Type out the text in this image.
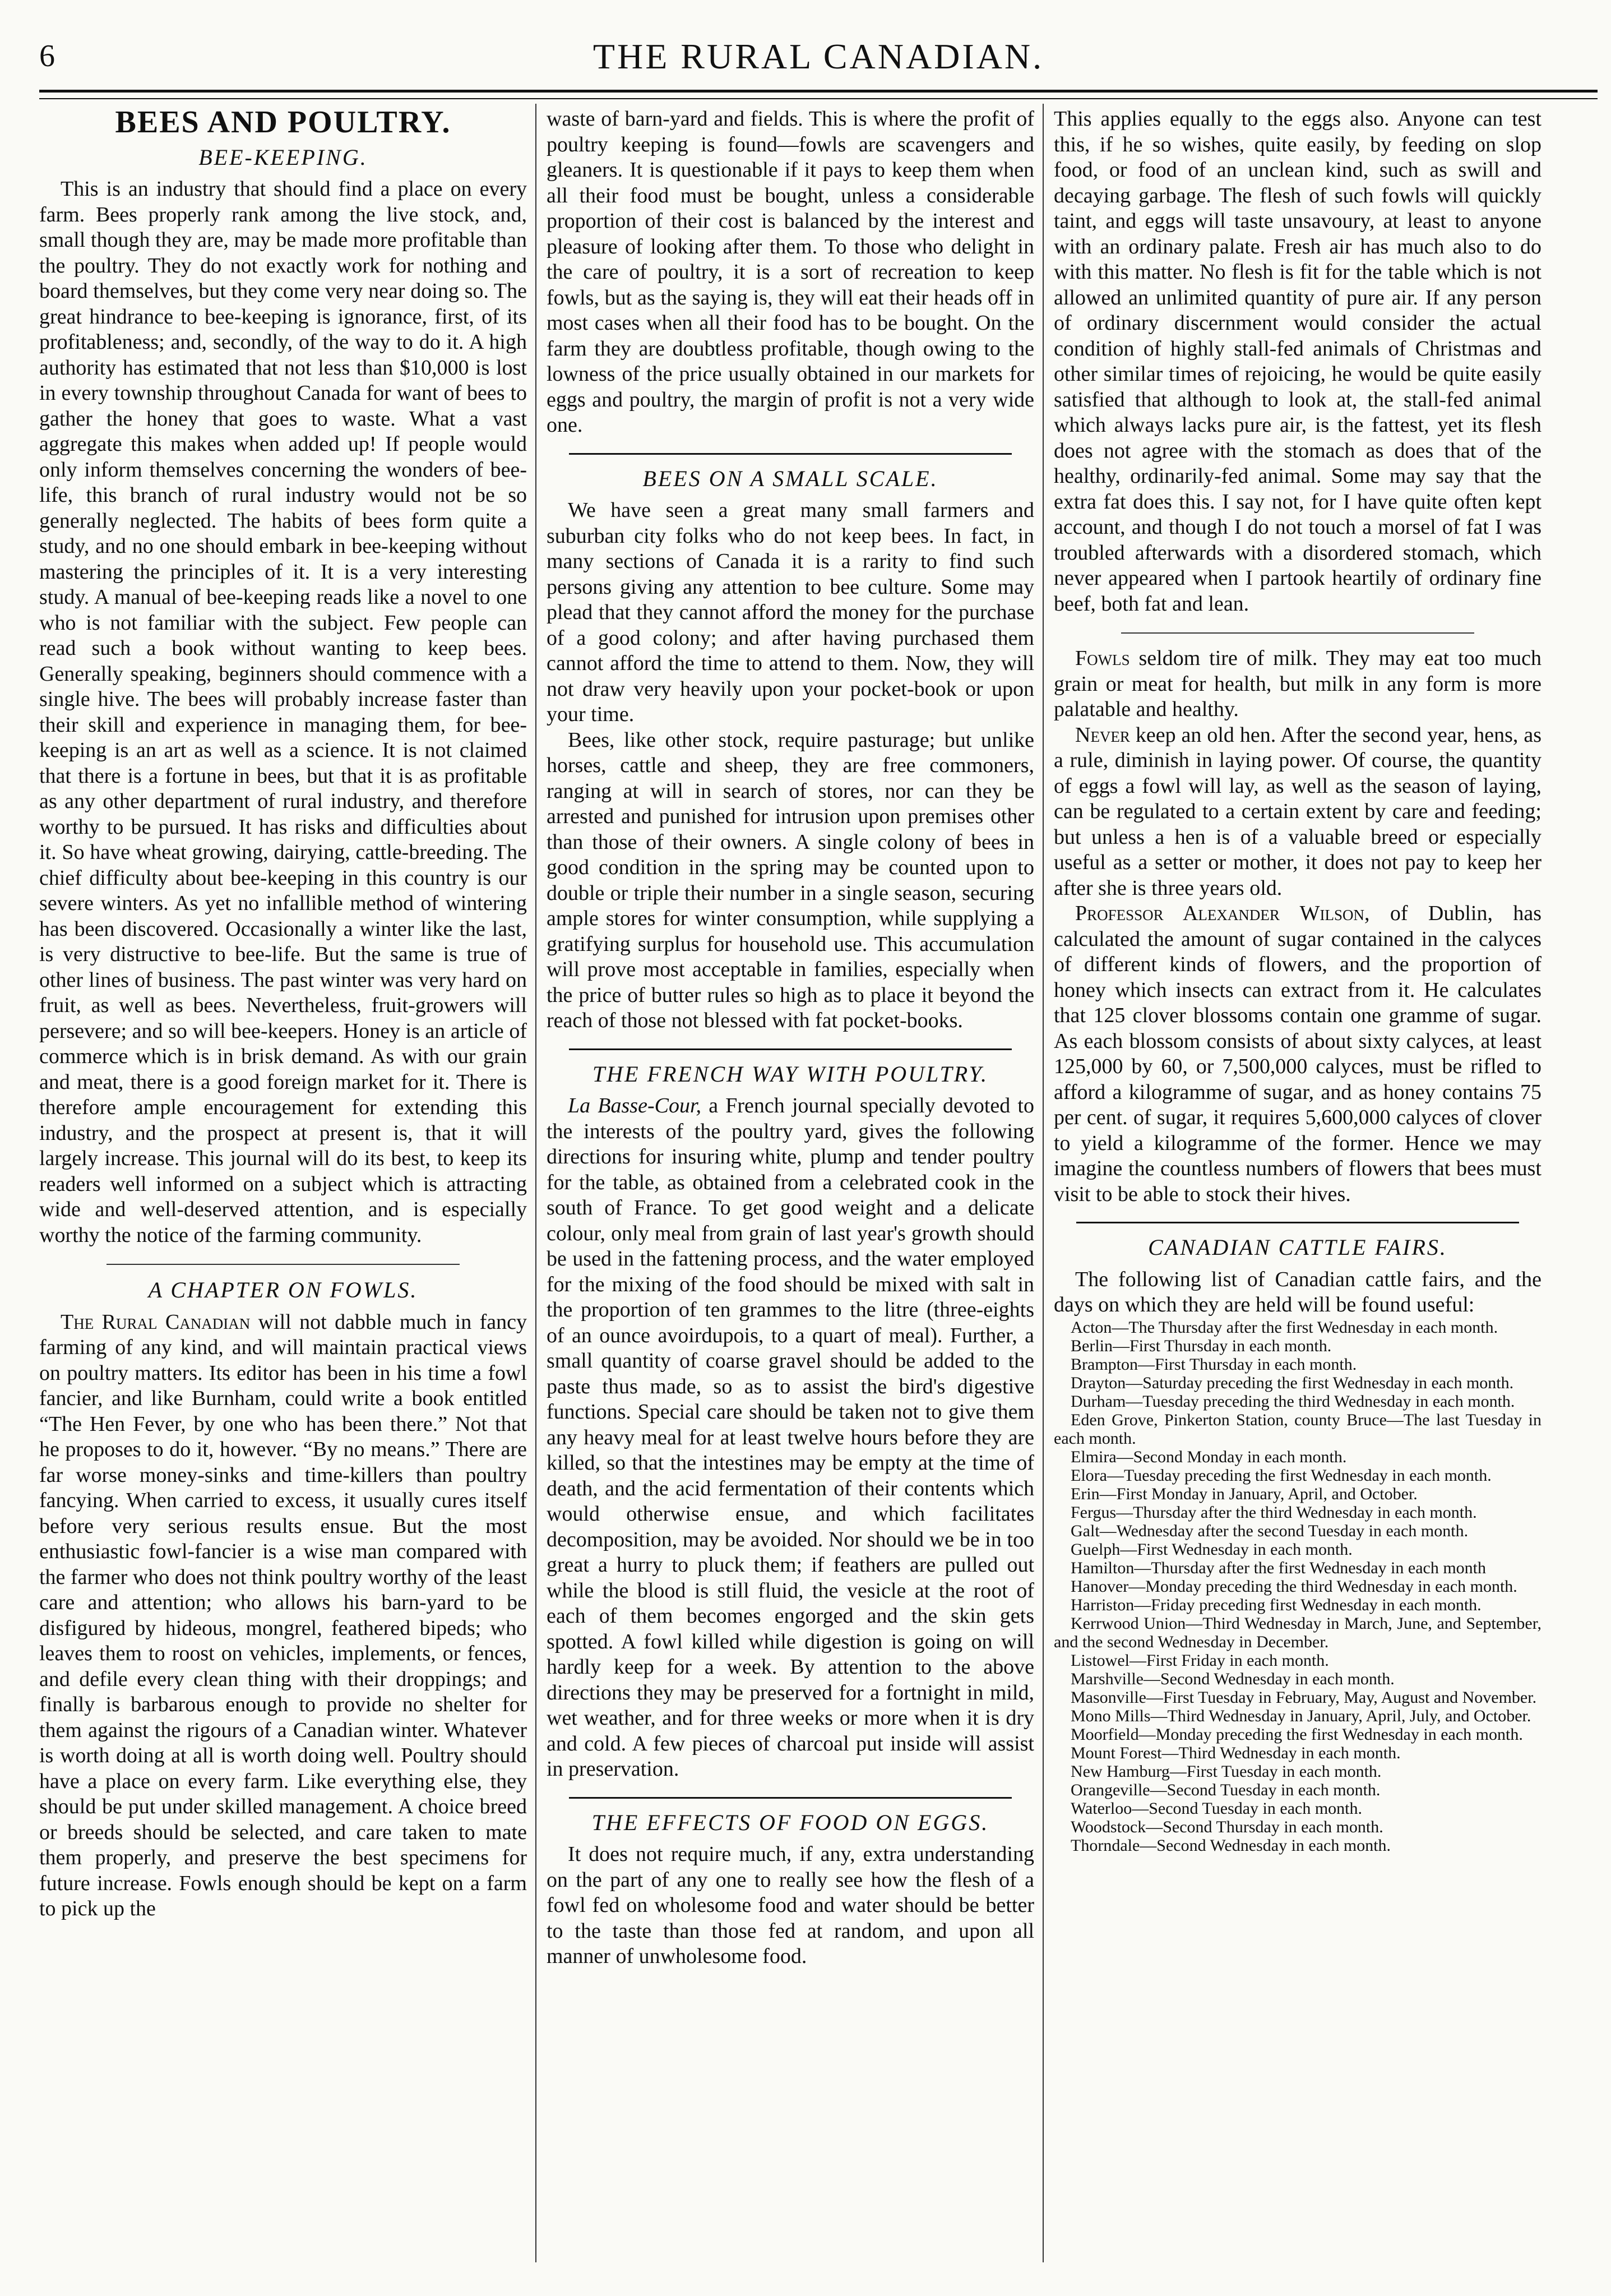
6	THE RURAL CANADIAN.
BEES AND POULTRY.
BEE-KEEPING.

This is an industry that should find a place on every farm. Bees properly rank among the live stock, and, small though they are, may be made more profitable than the poultry. They do not exactly work for nothing and board themselves, but they come very near doing so. The great hindrance to bee-keeping is ignorance, first, of its profitableness; and, secondly, of the way to do it. A high authority has estimated that not less than $10,000 is lost in every township throughout Canada for want of bees to gather the honey that goes to waste. What a vast aggregate this makes when added up! If people would only inform themselves concerning the wonders of bee-life, this branch of rural industry would not be so generally neglected. The habits of bees form quite a study, and no one should embark in bee-keeping without mastering the principles of it. It is a very interesting study. A manual of bee-keeping reads like a novel to one who is not familiar with the subject. Few people can read such a book without wanting to keep bees. Generally speaking, beginners should commence with a single hive. The bees will probably increase faster than their skill and experience in managing them, for bee-keeping is an art as well as a science. It is not claimed that there is a fortune in bees, but that it is as profitable as any other department of rural industry, and therefore worthy to be pursued. It has risks and difficulties about it. So have wheat growing, dairying, cattle-breeding. The chief difficulty about bee-keeping in this country is our severe winters. As yet no infallible method of wintering has been discovered. Occasionally a winter like the last, is very distructive to bee-life. But the same is true of other lines of business. The past winter was very hard on fruit, as well as bees. Nevertheless, fruit-growers will persevere; and so will bee-keepers. Honey is an article of commerce which is in brisk demand. As with our grain and meat, there is a good foreign market for it. There is therefore ample encouragement for extending this industry, and the prospect at present is, that it will largely increase. This journal will do its best, to keep its readers well informed on a subject which is attracting wide and well-deserved attention, and is especially worthy the notice of the farming community.

A CHAPTER ON FOWLS.

The Rural Canadian will not dabble much in fancy farming of any kind, and will maintain practical views on poultry matters. Its editor has been in his time a fowl fancier, and like Burnham, could write a book entitled “The Hen Fever, by one who has been there.” Not that he proposes to do it, however. “By no means.” There are far worse money-sinks and time-killers than poultry fancying. When carried to excess, it usually cures itself before very serious results ensue. But the most enthusiastic fowl-fancier is a wise man compared with the farmer who does not think poultry worthy of the least care and attention; who allows his barn-yard to be disfigured by hideous, mongrel, feathered bipeds; who leaves them to roost on vehicles, implements, or fences, and defile every clean thing with their droppings; and finally is barbarous enough to provide no shelter for them against the rigours of a Canadian winter. Whatever is worth doing at all is worth doing well. Poultry should have a place on every farm. Like everything else, they should be put under skilled management. A choice breed or breeds should be selected, and care taken to mate them properly, and preserve the best specimens for future increase. Fowls enough should be kept on a farm to pick up the

waste of barn-yard and fields. This is where the profit of poultry keeping is found—fowls are scavengers and gleaners. It is questionable if it pays to keep them when all their food must be bought, unless a considerable proportion of their cost is balanced by the interest and pleasure of looking after them. To those who delight in the care of poultry, it is a sort of recreation to keep fowls, but as the saying is, they will eat their heads off in most cases when all their food has to be bought. On the farm they are doubtless profitable, though owing to the lowness of the price usually obtained in our markets for eggs and poultry, the margin of profit is not a very wide one.

BEES ON A SMALL SCALE.

We have seen a great many small farmers and suburban city folks who do not keep bees. In fact, in many sections of Canada it is a rarity to find such persons giving any attention to bee culture. Some may plead that they cannot afford the money for the purchase of a good colony; and after having purchased them cannot afford the time to attend to them. Now, they will not draw very heavily upon your pocket-book or upon your time.

Bees, like other stock, require pasturage; but unlike horses, cattle and sheep, they are free commoners, ranging at will in search of stores, nor can they be arrested and punished for intrusion upon premises other than those of their owners. A single colony of bees in good condition in the spring may be counted upon to double or triple their number in a single season, securing ample stores for winter consumption, while supplying a gratifying surplus for household use. This accumulation will prove most acceptable in families, especially when the price of butter rules so high as to place it beyond the reach of those not blessed with fat pocket-books.

THE FRENCH WAY WITH POULTRY.

La Basse-Cour, a French journal specially devoted to the interests of the poultry yard, gives the following directions for insuring white, plump and tender poultry for the table, as obtained from a celebrated cook in the south of France. To get good weight and a delicate colour, only meal from grain of last year's growth should be used in the fattening process, and the water employed for the mixing of the food should be mixed with salt in the proportion of ten grammes to the litre (three-eights of an ounce avoirdupois, to a quart of meal). Further, a small quantity of coarse gravel should be added to the paste thus made, so as to assist the bird's digestive functions. Special care should be taken not to give them any heavy meal for at least twelve hours before they are killed, so that the intestines may be empty at the time of death, and the acid fermentation of their contents which would otherwise ensue, and which facilitates decomposition, may be avoided. Nor should we be in too great a hurry to pluck them; if feathers are pulled out while the blood is still fluid, the vesicle at the root of each of them becomes engorged and the skin gets spotted. A fowl killed while digestion is going on will hardly keep for a week. By attention to the above directions they may be preserved for a fortnight in mild, wet weather, and for three weeks or more when it is dry and cold. A few pieces of charcoal put inside will assist in preservation.

THE EFFECTS OF FOOD ON EGGS.

It does not require much, if any, extra understanding on the part of any one to really see how the flesh of a fowl fed on wholesome food and water should be better to the taste than those fed at random, and upon all manner of unwholesome food.

This applies equally to the eggs also. Anyone can test this, if he so wishes, quite easily, by feeding on slop food, or food of an unclean kind, such as swill and decaying garbage. The flesh of such fowls will quickly taint, and eggs will taste unsavoury, at least to anyone with an ordinary palate. Fresh air has much also to do with this matter. No flesh is fit for the table which is not allowed an unlimited quantity of pure air. If any person of ordinary discernment would consider the actual condition of highly stall-fed animals of Christmas and other similar times of rejoicing, he would be quite easily satisfied that although to look at, the stall-fed animal which always lacks pure air, is the fattest, yet its flesh does not agree with the stomach as does that of the healthy, ordinarily-fed animal. Some may say that the extra fat does this. I say not, for I have quite often kept account, and though I do not touch a morsel of fat I was troubled afterwards with a disordered stomach, which never appeared when I partook heartily of ordinary fine beef, both fat and lean.

Fowls seldom tire of milk. They may eat too much grain or meat for health, but milk in any form is more palatable and healthy.

Never keep an old hen. After the second year, hens, as a rule, diminish in laying power. Of course, the quantity of eggs a fowl will lay, as well as the season of laying, can be regulated to a certain extent by care and feeding; but unless a hen is of a valuable breed or especially useful as a setter or mother, it does not pay to keep her after she is three years old.

Professor Alexander Wilson, of Dublin, has calculated the amount of sugar contained in the calyces of different kinds of flowers, and the proportion of honey which insects can extract from it. He calculates that 125 clover blossoms contain one gramme of sugar. As each blossom consists of about sixty calyces, at least 125,000 by 60, or 7,500,000 calyces, must be rifled to afford a kilogramme of sugar, and as honey contains 75 per cent. of sugar, it requires 5,600,000 calyces of clover to yield a kilogramme of the former. Hence we may imagine the countless numbers of flowers that bees must visit to be able to stock their hives.

CANADIAN CATTLE FAIRS.

The following list of Canadian cattle fairs, and the days on which they are held will be found useful:

Acton—The Thursday after the first Wednesday in each month.
Berlin—First Thursday in each month.
Brampton—First Thursday in each month.
Drayton—Saturday preceding the first Wednesday in each month.
Durham—Tuesday preceding the third Wednesday in each month.
Eden Grove, Pinkerton Station, county Bruce—The last Tuesday in each month.
Elmira—Second Monday in each month.
Elora—Tuesday preceding the first Wednesday in each month.
Erin—First Monday in January, April, and October.
Fergus—Thursday after the third Wednesday in each month.
Galt—Wednesday after the second Tuesday in each month.
Guelph—First Wednesday in each month.
Hamilton—Thursday after the first Wednesday in each month
Hanover—Monday preceding the third Wednesday in each month.
Harriston—Friday preceding first Wednesday in each month.
Kerrwood Union—Third Wednesday in March, June, and September, and the second Wednesday in December.
Listowel—First Friday in each month.
Marshville—Second Wednesday in each month.
Masonville—First Tuesday in February, May, August and November.
Mono Mills—Third Wednesday in January, April, July, and October.
Moorfield—Monday preceding the first Wednesday in each month.
Mount Forest—Third Wednesday in each month.
New Hamburg—First Tuesday in each month.
Orangeville—Second Tuesday in each month.
Waterloo—Second Tuesday in each month.
Woodstock—Second Thursday in each month.
Thorndale—Second Wednesday in each month.
